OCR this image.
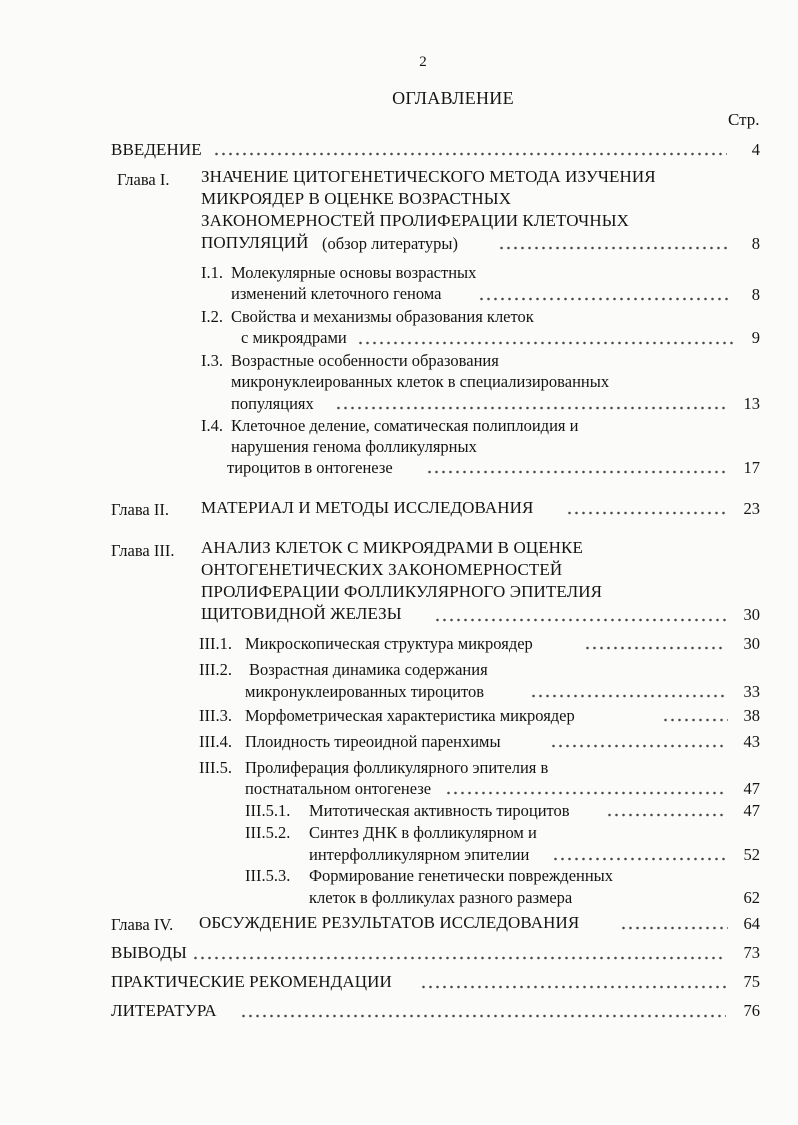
2
ОГЛАВЛЕНИЕ
Стр.
ВВЕДЕНИЕ	4
Глава I. ЗНАЧЕНИЕ ЦИТОГЕНЕТИЧЕСКОГО МЕТОДА ИЗУЧЕНИЯ
МИКРОЯДЕР В ОЦЕНКЕ ВОЗРАСТНЫХ
ЗАКОНОМЕРНОСТЕЙ ПРОЛИФЕРАЦИИ КЛЕТОЧНЫХ
ПОПУЛЯЦИЙ (обзор литературы)	8
I.1. Молекулярные основы возрастных
изменений клеточного генома	8
I.2. Свойства и механизмы образования клеток
с микроядрами	9
I.3. Возрастные особенности образования
микронуклеированных клеток в специализированных
популяциях	13
I.4. Клеточное деление, соматическая полиплоидия и
нарушения генома фолликулярных
тироцитов в онтогенезе	17
Глава II. МАТЕРИАЛ И МЕТОДЫ ИССЛЕДОВАНИЯ	23
Глава III. АНАЛИЗ КЛЕТОК С МИКРОЯДРАМИ В ОЦЕНКЕ
ОНТОГЕНЕТИЧЕСКИХ ЗАКОНОМЕРНОСТЕЙ
ПРОЛИФЕРАЦИИ ФОЛЛИКУЛЯРНОГО ЭПИТЕЛИЯ
ЩИТОВИДНОЙ ЖЕЛЕЗЫ	30
III.1. Микроскопическая структура микроядер	30
III.2. Возрастная динамика содержания
микронуклеированных тироцитов	33
III.3. Морфометрическая характеристика микроядер	38
III.4. Плоидность тиреоидной паренхимы	43
III.5. Пролиферация фолликулярного эпителия в
постнатальном онтогенезе	47
III.5.1. Митотическая активность тироцитов	47
III.5.2. Синтез ДНК в фолликулярном и
интерфолликулярном эпителии	52
III.5.3. Формирование генетически поврежденных
клеток в фолликулах разного размера	62
Глава IV. ОБСУЖДЕНИЕ РЕЗУЛЬТАТОВ ИССЛЕДОВАНИЯ	64
ВЫВОДЫ	73
ПРАКТИЧЕСКИЕ РЕКОМЕНДАЦИИ	75
ЛИТЕРАТУРА	76
